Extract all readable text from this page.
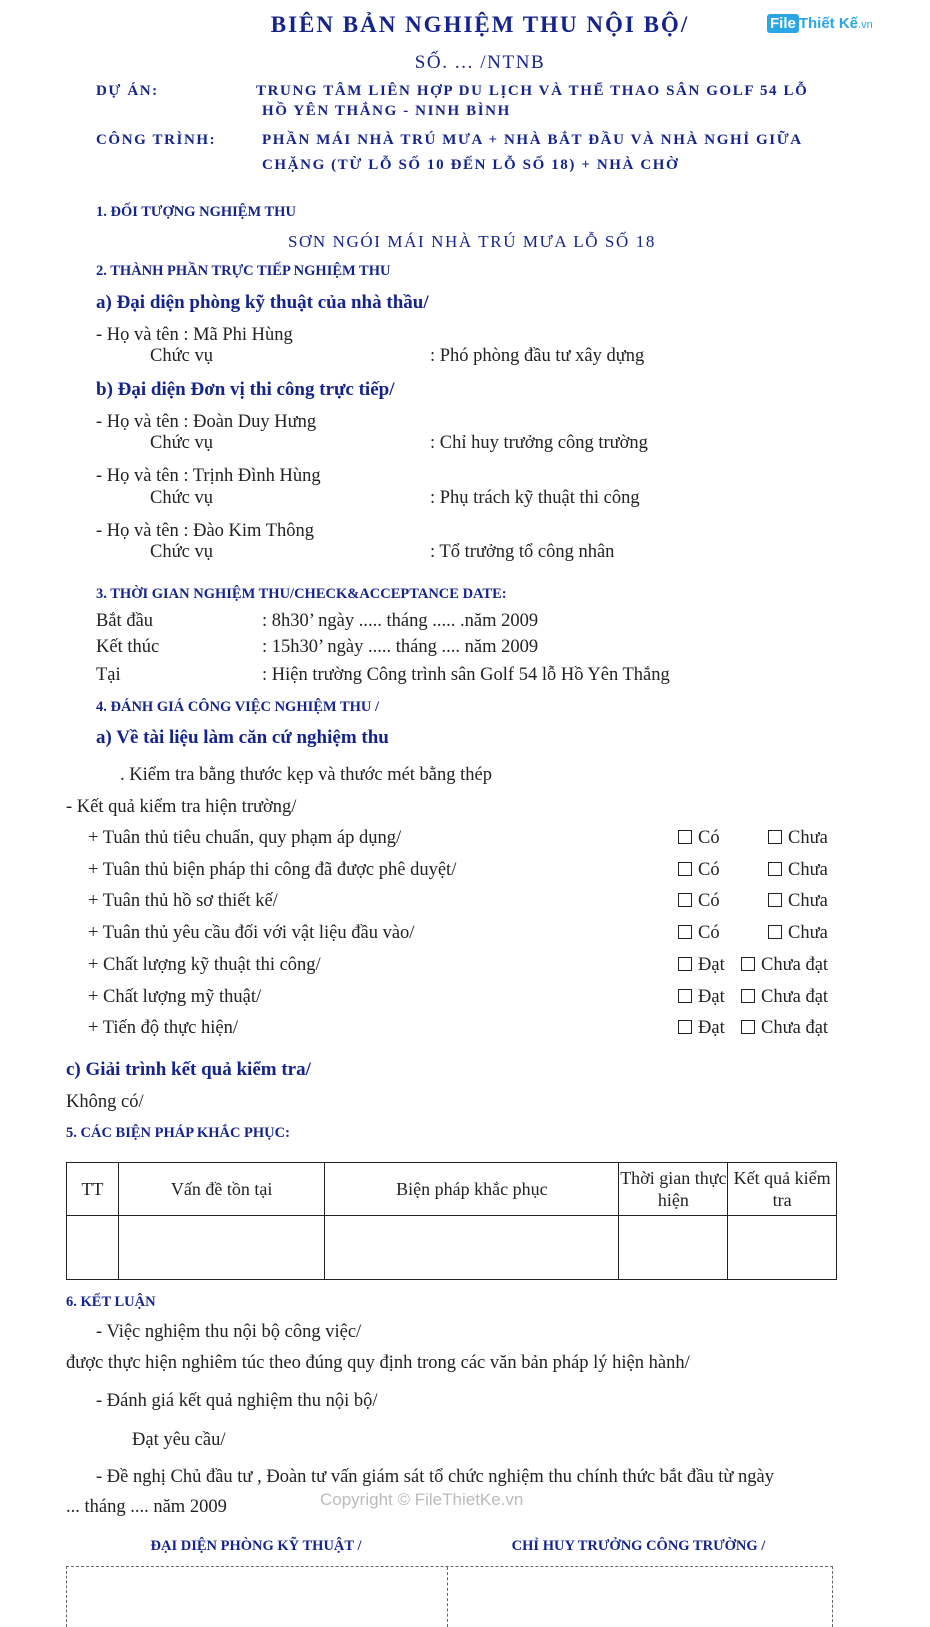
File Thiết Kế.vn
BIÊN BẢN NGHIỆM THU NỘI BỘ/
SỐ. ... /NTNB
DỰ ÁN:	TRUNG TÂM LIÊN HỢP DU LỊCH VÀ THỂ THAO SÂN GOLF 54 LỖ
HỒ YÊN THẮNG - NINH BÌNH
CÔNG TRÌNH:	PHẦN MÁI NHÀ TRÚ MƯA + NHÀ BẮT ĐẦU VÀ NHÀ NGHỈ GIỮA
CHẶNG (TỪ LỖ SỐ 10 ĐẾN LỖ SỐ 18) + NHÀ CHỜ
1. ĐỐI TƯỢNG NGHIỆM THU
SƠN NGÓI MÁI NHÀ TRÚ MƯA LỖ SỐ 18
2. THÀNH PHẦN TRỰC TIẾP NGHIỆM THU
a) Đại diện phòng kỹ thuật của nhà thầu/
- Họ và tên : Mã Phi Hùng
Chức vụ	: Phó phòng đầu tư xây dựng
b) Đại diện Đơn vị thi công trực tiếp/
- Họ và tên : Đoàn Duy Hưng
Chức vụ	: Chỉ huy trưởng công trường
- Họ và tên : Trịnh Đình Hùng
Chức vụ	: Phụ trách kỹ thuật thi công
- Họ và tên : Đào Kim Thông
Chức vụ	: Tổ trưởng tổ công nhân
3. THỜI GIAN NGHIỆM THU/CHECK&ACCEPTANCE DATE:
Bắt đầu	: 8h30’ ngày ..... tháng ..... .năm 2009
Kết thúc	: 15h30’ ngày ..... tháng .... năm 2009
Tại	: Hiện trường Công trình sân Golf 54 lỗ Hồ Yên Thắng
4. ĐÁNH GIÁ CÔNG VIỆC NGHIỆM THU /
a) Về tài liệu làm căn cứ nghiệm thu
. Kiểm tra bằng thước kẹp và thước mét bằng thép
- Kết quả kiểm tra hiện trường/
+ Tuân thủ tiêu chuẩn, quy phạm áp dụng/	Có	Chưa
+ Tuân thủ biện pháp thi công đã được phê duyệt/	Có	Chưa
+ Tuân thủ hồ sơ thiết kế/	Có	Chưa
+ Tuân thủ yêu cầu đối với vật liệu đầu vào/	Có	Chưa
+ Chất lượng kỹ thuật thi công/	Đạt	Chưa đạt
+ Chất lượng mỹ thuật/	Đạt	Chưa đạt
+ Tiến độ thực hiện/	Đạt	Chưa đạt
c) Giải trình kết quả kiểm tra/
Không có/
5. CÁC BIỆN PHÁP KHẮC PHỤC:
TT	Vấn đề tồn tại	Biện pháp khắc phục	Thời gian thực hiện	Kết quả kiểm tra

6. KẾT LUẬN
- Việc nghiệm thu nội bộ công việc/
được thực hiện nghiêm túc theo đúng quy định trong các văn bản pháp lý hiện hành/
- Đánh giá kết quả nghiệm thu nội bộ/
Đạt yêu cầu/
- Đề nghị Chủ đầu tư , Đoàn tư vấn giám sát tổ chức nghiệm thu chính thức bắt đầu từ ngày
... tháng .... năm 2009	Copyright © FileThietKe.vn
ĐẠI DIỆN PHÒNG KỸ THUẬT /	CHỈ HUY TRƯỞNG CÔNG TRƯỜNG /
